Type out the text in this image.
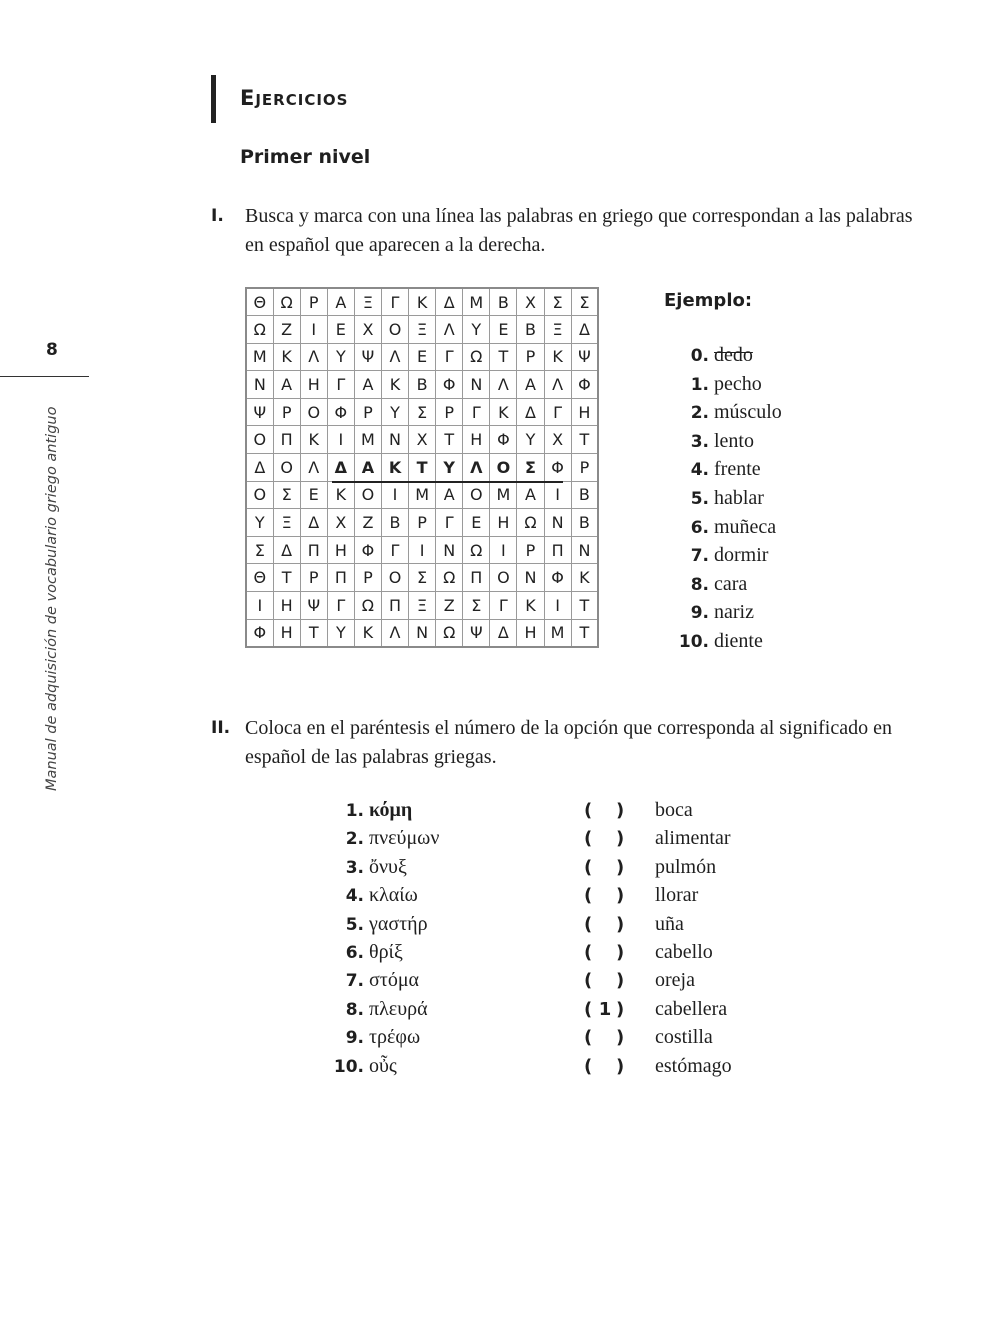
8
Manual de adquisición de vocabulario griego antiguo
Ejercicios
Primer nivel
I. Busca y marca con una línea las palabras en griego que correspondan a las palabras en español que aparecen a la derecha.
Θ	Ω	Ρ	Α	Ξ	Γ	Κ	Δ	Μ	Β	Χ	Σ	Σ
Ω	Ζ	Ι	Ε	Χ	Ο	Ξ	Λ	Υ	Ε	Β	Ξ	Δ
Μ	Κ	Λ	Υ	Ψ	Λ	Ε	Γ	Ω	Τ	Ρ	Κ	Ψ
Ν	Α	Η	Γ	Α	Κ	Β	Φ	Ν	Λ	Α	Λ	Φ
Ψ	Ρ	Ο	Φ	Ρ	Υ	Σ	Ρ	Γ	Κ	Δ	Γ	Η
Ο	Π	Κ	Ι	Μ	Ν	Χ	Τ	Η	Φ	Υ	Χ	Τ
Δ	Ο	Λ	Δ	Α	Κ	Τ	Υ	Λ	Ο	Σ	Φ	Ρ
Ο	Σ	Ε	Κ	Ο	Ι	Μ	Α	Ο	Μ	Α	Ι	Β
Υ	Ξ	Δ	Χ	Ζ	Β	Ρ	Γ	Ε	Η	Ω	Ν	Β
Σ	Δ	Π	Η	Φ	Γ	Ι	Ν	Ω	Ι	Ρ	Π	Ν
Θ	Τ	Ρ	Π	Ρ	Ο	Σ	Ω	Π	Ο	Ν	Φ	Κ
Ι	Η	Ψ	Γ	Ω	Π	Ξ	Ζ	Σ	Γ	Κ	Ι	Τ
Φ	Η	Τ	Υ	Κ	Λ	Ν	Ω	Ψ	Δ	Η	Μ	Τ
Ejemplo:
0. dedo
1. pecho
2. músculo
3. lento
4. frente
5. hablar
6. muñeca
7. dormir
8. cara
9. nariz
10. diente
II. Coloca en el paréntesis el número de la opción que corresponda al significado en español de las palabras griegas.
1. κόμη	( ) boca
2. πνεύμων	( ) alimentar
3. ὄνυξ	( ) pulmón
4. κλαίω	( ) llorar
5. γαστήρ	( ) uña
6. θρίξ	( ) cabello
7. στόμα	( ) oreja
8. πλευρά	( 1 ) cabellera
9. τρέφω	( ) costilla
10. οὖς	( ) estómago
